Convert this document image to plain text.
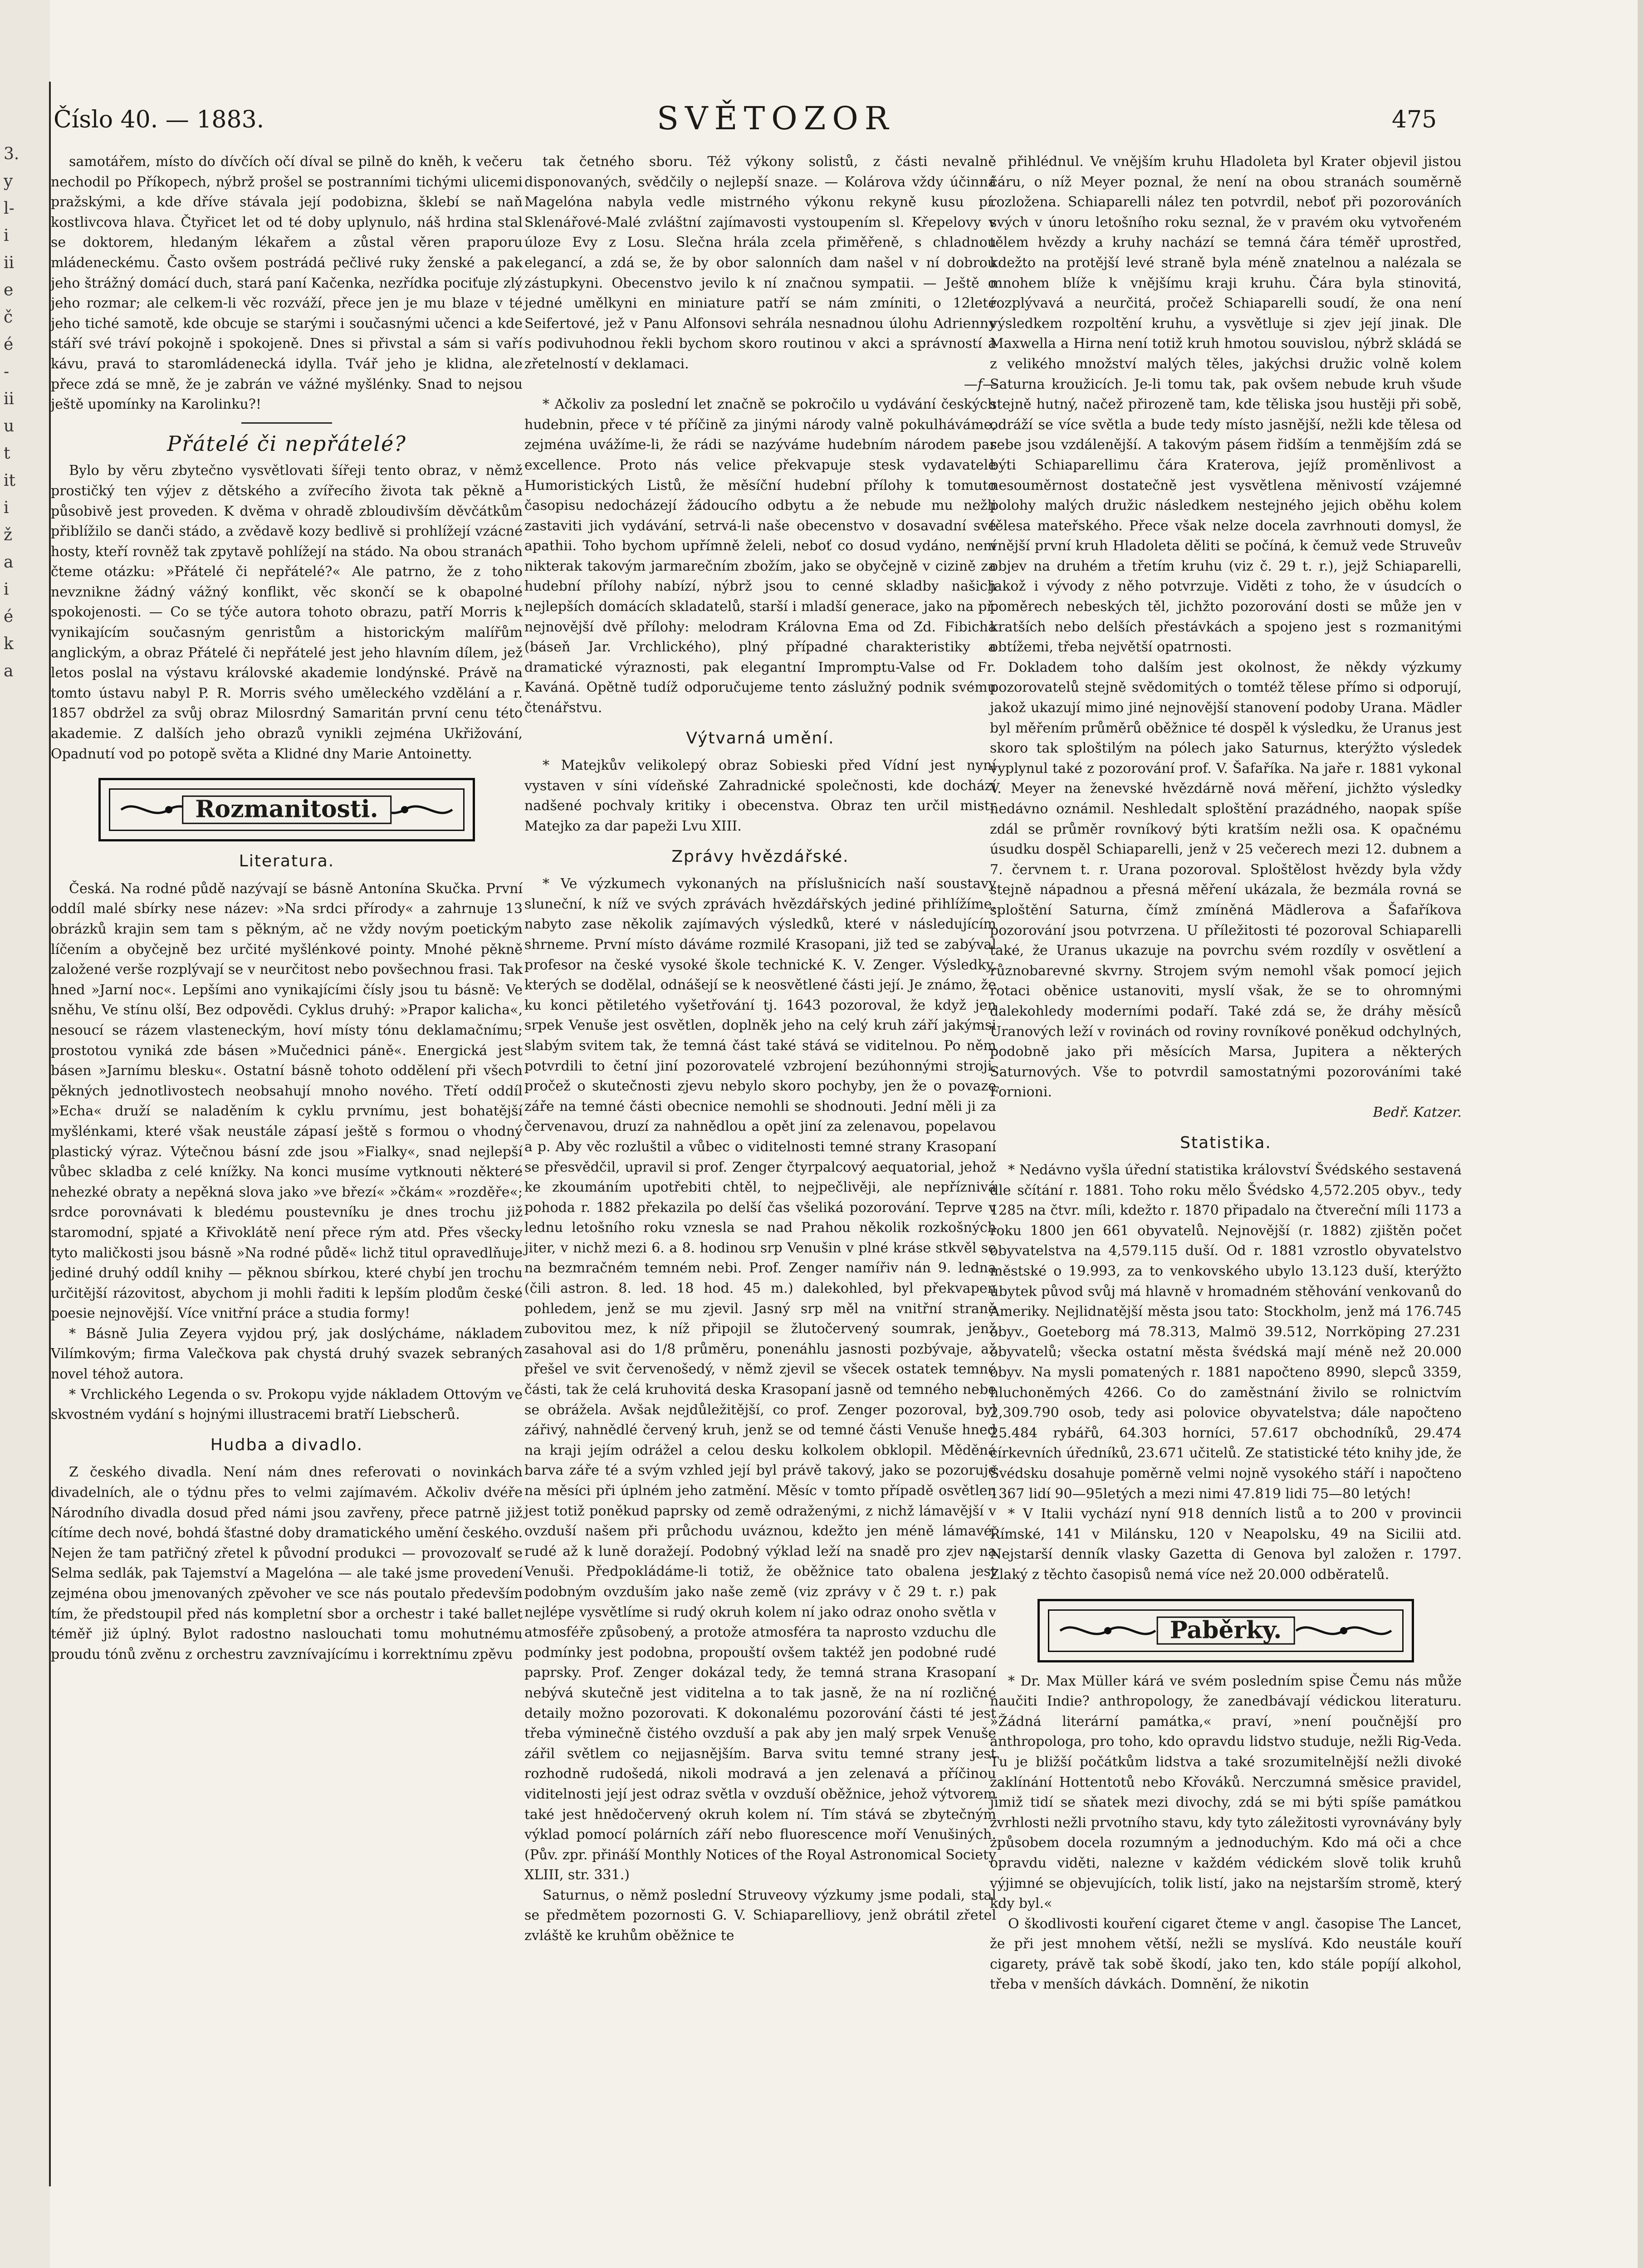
3.
y
l-
i
ii
e
č
é
-
ii
u
t
it
i
ž
a
i
é
k
a
Číslo 40. — 1883.	SVĚTOZOR	475

samotářem, místo do dívčích očí díval se pilně do kněh, k večeru nechodil po Příkopech, nýbrž prošel se postranními tichými ulicemi pražskými, a kde dříve stávala její podobizna, šklebí se naň kostlivcova hlava. Čtyřicet let od té doby uplynulo, náš hrdina stal se doktorem, hledaným lékařem a zůstal věren praporu mládeneckému. Často ovšem postrádá pečlivé ruky ženské a pak jeho štrážný domácí duch, stará paní Kačenka, nezřídka pociťuje zlý jeho rozmar; ale celkem-li věc rozváží, přece jen je mu blaze v té jeho tiché samotě, kde obcuje se starými i současnými učenci a kde stáří své tráví pokojně i spokojeně. Dnes si přivstal a sám si vaří kávu, pravá to staromládenecká idylla. Tvář jeho je klidna, ale přece zdá se mně, že je zabrán ve vážné myšlénky. Snad to nejsou ještě upomínky na Karolinku?!

Přátelé či nepřátelé?

Bylo by věru zbytečno vysvětlovati šířeji tento obraz, v němž prostičký ten výjev z dětského a zvířecího života tak pěkně a působivě jest proveden. K dvěma v ohradě zbloudivším děvčátkům přiblížilo se danči stádo, a zvědavě kozy bedlivě si prohlížejí vzácné hosty, kteří rovněž tak zpytavě pohlížejí na stádo. Na obou stranách čteme otázku: »Přátelé či nepřátelé?« Ale patrno, že z toho nevznikne žádný vážný konflikt, věc skončí se k obapolné spokojenosti. — Co se týče autora tohoto obrazu, patří Morris k vynikajícím současným genristům a historickým malířům anglickým, a obraz Přátelé či nepřátelé jest jeho hlavním dílem, jež letos poslal na výstavu královské akademie londýnské. Právě na tomto ústavu nabyl P. R. Morris svého uměleckého vzdělání a r. 1857 obdržel za svůj obraz Milosrdný Samaritán první cenu této akademie. Z dalších jeho obrazů vynikli zejména Ukřižování, Opadnutí vod po potopě světa a Klidné dny Marie Antoinetty.

Rozmanitosti.
Literatura.

Česká. Na rodné půdě nazývají se básně Antonína Skučka. První oddíl malé sbírky nese název: »Na srdci přírody« a zahrnuje 13 obrázků krajin sem tam s pěkným, ač ne vždy novým poetickým líčením a obyčejně bez určité myšlénkové pointy. Mnohé pěkně založené verše rozplývají se v neurčitost nebo povšechnou frasi. Tak hned »Jarní noc«. Lepšími ano vynikajícími čísly jsou tu básně: Ve sněhu, Ve stínu olší, Bez odpovědi. Cyklus druhý: »Prapor kalicha«, nesoucí se rázem vlasteneckým, hoví místy tónu deklamačnímu; prostotou vyniká zde básen »Mučednici páně«. Energická jest básen »Jarnímu blesku«. Ostatní básně tohoto oddělení při všech pěkných jednotlivostech neobsahují mnoho nového. Třetí oddíl »Echa« druží se naladěním k cyklu prvnímu, jest bohatější myšlénkami, které však neustále zápasí ještě s formou o vhodný plastický výraz. Výtečnou básní zde jsou »Fialky«, snad nejlepší vůbec skladba z celé knížky. Na konci musíme vytknouti některé nehezké obraty a nepěkná slova jako »ve březí« »čkám« »rozděře«; srdce porovnávati k bledému poustevníku je dnes trochu již staromodní, spjaté a Křivoklátě není přece rým atd. Přes všecky tyto maličkosti jsou básně »Na rodné půdě« lichž titul opravedlňuje jediné druhý oddíl knihy — pěknou sbírkou, které chybí jen trochu určitější rázovitost, abychom ji mohli řaditi k lepším plodům české poesie nejnovější. Více vnitřní práce a studia formy!

* Básně Julia Zeyera vyjdou prý, jak doslýcháme, nákladem Vilímkovým; firma Valečkova pak chystá druhý svazek sebraných novel téhož autora.

* Vrchlického Legenda o sv. Prokopu vyjde nákladem Ottovým ve skvostném vydání s hojnými illustracemi bratří Liebscherů.

Hudba a divadlo.

Z českého divadla. Není nám dnes referovati o novinkách divadelních, ale o týdnu přes to velmi zajímavém. Ačkoliv dvéře Národního divadla dosud před námi jsou zavřeny, přece patrně již cítíme dech nové, bohdá šťastné doby dramatického umění českého. Nejen že tam patřičný zřetel k původní produkci — provozovalť se Selma sedlák, pak Tajemství a Magelóna — ale také jsme provedení zejména obou jmenovaných zpěvoher ve sce nás poutalo především tím, že předstoupil před nás kompletní sbor a orchestr i také ballet téměř již úplný. Bylot radostno naslouchati tomu mohutnému proudu tónů zvěnu z orchestru zavznívajícímu i korrektnímu zpěvu

tak četného sboru. Též výkony solistů, z části nevalně disponovaných, svědčily o nejlepší snaze. — Kolárova vždy účinná Magelóna nabyla vedle mistrného výkonu rekyně kusu pí. Sklenářové-Malé zvláštní zajímavosti vystoupením sl. Křepelovy v úloze Evy z Losu. Slečna hrála zcela přiměřeně, s chladnou elegancí, a zdá se, že by obor salonních dam našel v ní dobrou zástupkyni. Obecenstvo jevilo k ní značnou sympatii. — Ještě o jedné umělkyni en miniature patří se nám zmíniti, o 12leté Seifertové, jež v Panu Alfonsovi sehrála nesnadnou úlohu Adrienny s podivuhodnou řekli bychom skoro routinou v akci a správností a zřetelností v deklamaci.

—f—

* Ačkoliv za poslední let značně se pokročilo u vydávání českých hudebnin, přece v té příčině za jinými národy valně pokulháváme, zejména uvážíme-li, že rádi se nazýváme hudebním národem par excellence. Proto nás velice překvapuje stesk vydavatele Humoristických Listů, že měsíční hudební přílohy k tomuto časopisu nedocházejí žádoucího odbytu a že nebude mu nežli zastaviti jich vydávání, setrvá-li naše obecenstvo v dosavadní své apathii. Toho bychom upřímně želeli, neboť co dosud vydáno, není nikterak takovým jarmarečním zbožím, jako se obyčejně v cizině za hudební přílohy nabízí, nýbrž jsou to cenné skladby našich nejlepších domácích skladatelů, starší i mladší generace, jako na př. nejnovější dvě přílohy: melodram Královna Ema od Zd. Fibicha (báseň Jar. Vrchlického), plný případné charakteristiky a dramatické výraznosti, pak elegantní Impromptu-Valse od Fr. Kaváná. Opětně tudíž odporučujeme tento záslužný podnik svému čtenářstvu.

Výtvarná umění.

* Matejkův velikolepý obraz Sobieski před Vídní jest nyní vystaven v síni vídeňské Zahradnické společnosti, kde dochází nadšené pochvaly kritiky i obecenstva. Obraz ten určil mistr Matejko za dar papeži Lvu XIII.

Zprávy hvězdářské.

* Ve výzkumech vykonaných na příslušnicích naší soustavy sluneční, k níž ve svých zprávách hvězdářských jediné přihlížíme, nabyto zase několik zajímavých výsledků, které v následujícím shrneme. První místo dáváme rozmilé Krasopani, již ted se zabýval profesor na české vysoké škole technické K. V. Zenger. Výsledky, kterých se dodělal, odnášejí se k neosvětlené části její. Je známo, že ku konci pětiletého vyšetřování tj. 1643 pozoroval, že když jen srpek Venuše jest osvětlen, doplněk jeho na celý kruh září jakýmsi slabým svitem tak, že temná část také stává se viditelnou. Po něm potvrdili to četní jiní pozorovatelé vzbrojení bezúhonnými stroji, pročež o skutečnosti zjevu nebylo skoro pochyby, jen že o povaze záře na temné části obecnice nemohli se shodnouti. Jední měli ji za červenavou, druzí za nahnědlou a opět jiní za zelenavou, popelavou a p. Aby věc rozluštil a vůbec o viditelnosti temné strany Krasopaní se přesvědčil, upravil si prof. Zenger čtyrpalcový aequatorial, jehož ke zkoumáním upotřebiti chtěl, to nejpečlivěji, ale nepříznivá pohoda r. 1882 překazila po delší čas všeliká pozorování. Teprve v lednu letošního roku vznesla se nad Prahou několik rozkošných jiter, v nichž mezi 6. a 8. hodinou srp Venušin v plné kráse stkvěl se na bezmračném temném nebi. Prof. Zenger namířiv nán 9. ledna (čili astron. 8. led. 18 hod. 45 m.) dalekohled, byl překvapen pohledem, jenž se mu zjevil. Jasný srp měl na vnitřní straně zubovitou mez, k níž připojil se žlutočervený soumrak, jenž zasahoval asi do 1/8 průměru, ponenáhlu jasnosti pozbývaje, až přešel ve svit červenošedý, v němž zjevil se všecek ostatek temné části, tak že celá kruhovitá deska Krasopaní jasně od temného nebe se obrážela. Avšak nejdůležitější, co prof. Zenger pozoroval, byl zářivý, nahnědlé červený kruh, jenž se od temné části Venuše hned na kraji jejím odrážel a celou desku kolkolem obklopil. Měděná barva záře té a svým vzhled její byl právě takový, jako se pozoruje na měsíci při úplném jeho zatmění. Měsíc v tomto případě osvětlen jest totiž poněkud paprsky od země odraženými, z nichž lámavější v ovzduší našem při průchodu uváznou, kdežto jen méně lámavé, rudé až k luně doražejí. Podobný výklad leží na snadě pro zjev na Venuši. Předpokládáme-li totiž, že oběžnice tato obalena jest podobným ovzduším jako naše země (viz zprávy v č 29 t. r.) pak nejlépe vysvětlíme si rudý okruh kolem ní jako odraz onoho světla v atmosféře způsobený, a protože atmosféra ta naprosto vzduchu dle podmínky jest podobna, propouští ovšem taktéž jen podobné rudé paprsky. Prof. Zenger dokázal tedy, že temná strana Krasopaní nebývá skutečně jest viditelna a to tak jasně, že na ní rozličné detaily možno pozorovati. K dokonalému pozorování části té jest třeba výminečně čistého ovzduší a pak aby jen malý srpek Venuše zářil světlem co nejjasnějším. Barva svitu temné strany jest rozhodně rudošedá, nikoli modravá a jen zelenavá a příčinou viditelnosti její jest odraz světla v ovzduší oběžnice, jehož výtvorem také jest hnědočervený okruh kolem ní. Tím stává se zbytečným výklad pomocí polárních září nebo fluorescence moří Venušiných. (Pův. zpr. přináší Monthly Notices of the Royal Astronomical Society XLIII, str. 331.)

Saturnus, o němž poslední Struveovy výzkumy jsme podali, stal se předmětem pozornosti G. V. Schiaparelliovy, jenž obrátil zřetel zvláště ke kruhům oběžnice te

přihlédnul. Ve vnějším kruhu Hladoleta byl Krater objevil jistou čáru, o níž Meyer poznal, že není na obou stranách souměrně rozložena. Schiaparelli nález ten potvrdil, neboť při pozorováních svých v únoru letošního roku seznal, že v pravém oku vytvořeném tělem hvězdy a kruhy nachází se temná čára téměř uprostřed, kdežto na protější levé straně byla méně znatelnou a nalézala se mnohem blíže k vnějšímu kraji kruhu. Čára byla stinovitá, rozplývavá a neurčitá, pročež Schiaparelli soudí, že ona není výsledkem rozpoltění kruhu, a vysvětluje si zjev její jinak. Dle Maxwella a Hirna není totiž kruh hmotou souvislou, nýbrž skládá se z velikého množství malých těles, jakýchsi družic volně kolem Saturna kroužicích. Je-li tomu tak, pak ovšem nebude kruh všude stejně hutný, načež přirozeně tam, kde těliska jsou hustěji při sobě, odráží se více světla a bude tedy místo jasnější, nežli kde tělesa od sebe jsou vzdálenější. A takovým pásem řidším a tenmějším zdá se býti Schiaparellimu čára Kraterova, jejíž proměnlivost a nesouměrnost dostatečně jest vysvětlena měnivostí vzájemné polohy malých družic následkem nestejného jejich oběhu kolem tělesa mateřského. Přece však nelze docela zavrhnouti domysl, že vnější první kruh Hladoleta děliti se počíná, k čemuž vede Struveův objev na druhém a třetím kruhu (viz č. 29 t. r.), jejž Schiaparelli, jakož i vývody z něho potvrzuje. Viděti z toho, že v úsudcích o poměrech nebeských těl, jichžto pozorování dosti se může jen v kratších nebo delších přestávkách a spojeno jest s rozmanitými obtížemi, třeba největší opatrnosti.

Dokladem toho dalším jest okolnost, že někdy výzkumy pozorovatelů stejně svědomitých o tomtéž tělese přímo si odporují, jakož ukazují mimo jiné nejnovější stanovení podoby Urana. Mädler byl měřením průměrů oběžnice té dospěl k výsledku, že Uranus jest skoro tak sploštilým na pólech jako Saturnus, kterýžto výsledek vyplynul také z pozorování prof. V. Šafaříka. Na jaře r. 1881 vykonal V. Meyer na ženevské hvězdárně nová měření, jichžto výsledky nedávno oznámil. Neshledalt sploštění prazádného, naopak spíše zdál se průměr rovníkový býti kratším nežli osa. K opačnému úsudku dospěl Schiaparelli, jenž v 25 večerech mezi 12. dubnem a 7. červnem t. r. Urana pozoroval. Sploštělost hvězdy byla vždy stejně nápadnou a přesná měření ukázala, že bezmála rovná se sploštění Saturna, čímž zmíněná Mädlerova a Šafaříkova pozorování jsou potvrzena. U příležitosti té pozoroval Schiaparelli také, že Uranus ukazuje na povrchu svém rozdíly v osvětlení a různobarevné skvrny. Strojem svým nemohl však pomocí jejich rotaci oběnice ustanoviti, myslí však, že se to ohromnými dalekohledy moderními podaří. Také zdá se, že dráhy měsíců Uranových leží v rovinách od roviny rovníkové poněkud odchylných, podobně jako při měsících Marsa, Jupitera a některých Saturnových. Vše to potvrdil samostatnými pozorováními také Fornioni.

Bedř. Katzer.
Statistika.

* Nedávno vyšla úřední statistika království Švédského sestavená dle sčítání r. 1881. Toho roku mělo Švédsko 4,572.205 obyv., tedy 1285 na čtvr. míli, kdežto r. 1870 připadalo na čtvereční míli 1173 a roku 1800 jen 661 obyvatelů. Nejnovější (r. 1882) zjištěn počet obyvatelstva na 4,579.115 duší. Od r. 1881 vzrostlo obyvatelstvo městské o 19.993, za to venkovského ubylo 13.123 duší, kterýžto úbytek původ svůj má hlavně v hromadném stěhování venkovanů do Ameriky. Nejlidnatější města jsou tato: Stockholm, jenž má 176.745 obyv., Goeteborg má 78.313, Malmö 39.512, Norrköping 27.231 obyvatelů; všecka ostatní města švédská mají méně než 20.000 obyv. Na mysli pomatených r. 1881 napočteno 8990, slepců 3359, hluchoněmých 4266. Co do zaměstnání živilo se rolnictvím 2,309.790 osob, tedy asi polovice obyvatelstva; dále napočteno 25.484 rybářů, 64.303 horníci, 57.617 obchodníků, 29.474 církevních úředníků, 23.671 učitelů. Ze statistické této knihy jde, že Švédsku dosahuje poměrně velmi nojně vysokého stáří i napočteno 1367 lidí 90—95letých a mezi nimi 47.819 lidi 75—80 letých!

* V Italii vychází nyní 918 denních listů a to 200 v provincii Římské, 141 v Milánsku, 120 v Neapolsku, 49 na Sicilii atd. Nejstarší denník vlasky Gazetta di Genova byl založen r. 1797. Zlaký z těchto časopisů nemá více než 20.000 odběratelů.

Paběrky.

* Dr. Max Müller kárá ve svém posledním spise Čemu nás může naučiti Indie? anthropology, že zanedbávají védickou literaturu. »Žádná literární památka,« praví, »není poučnější pro anthropologa, pro toho, kdo opravdu lidstvo studuje, nežli Rig-Veda. Tu je bližší počátkům lidstva a také srozumitelnější nežli divoké zaklínání Hottentotů nebo Křováků. Nerczumná směsice pravidel, jimiž tidí se sňatek mezi divochy, zdá se mi býti spíše památkou zvrhlosti nežli prvotního stavu, kdy tyto záležitosti vyrovnávány byly způsobem docela rozumným a jednoduchým. Kdo má oči a chce opravdu viděti, nalezne v každém védickém slově tolik kruhů výjimné se objevujících, tolik listí, jako na nejstarším stromě, který kdy byl.«

O škodlivosti kouření cigaret čteme v angl. časopise The Lancet, že při jest mnohem větší, nežli se myslívá. Kdo neustále kouří cigarety, právě tak sobě škodí, jako ten, kdo stále popíjí alkohol, třeba v menších dávkách. Domnění, že nikotin
